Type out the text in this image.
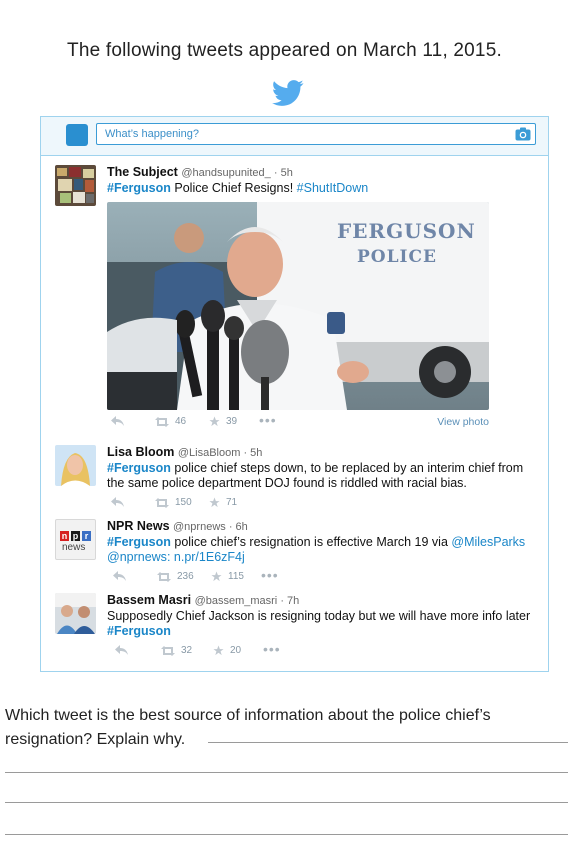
The following tweets appeared on March 11, 2015.
What’s happening?
The Subject @handsupunited_ · 5h
#Ferguson Police Chief Resigns! #ShutItDown
FERGUSON
POLICE
46	39 •••	View photo
Lisa Bloom @LisaBloom · 5h
#Ferguson police chief steps down, to be replaced by an interim chief from the same police department DOJ found is riddled with racial bias.
150	71
n p r
news
NPR News @nprnews · 6h
#Ferguson police chief’s resignation is effective March 19 via @MilesParks
@nprnews: n.pr/1E6zF4j
236	115 •••
Bassem Masri @bassem_masri · 7h
Supposedly Chief Jackson is resigning today but we will have more info later
#Ferguson
32	20 •••
Which tweet is the best source of information about the police chief’s resignation? Explain why.
